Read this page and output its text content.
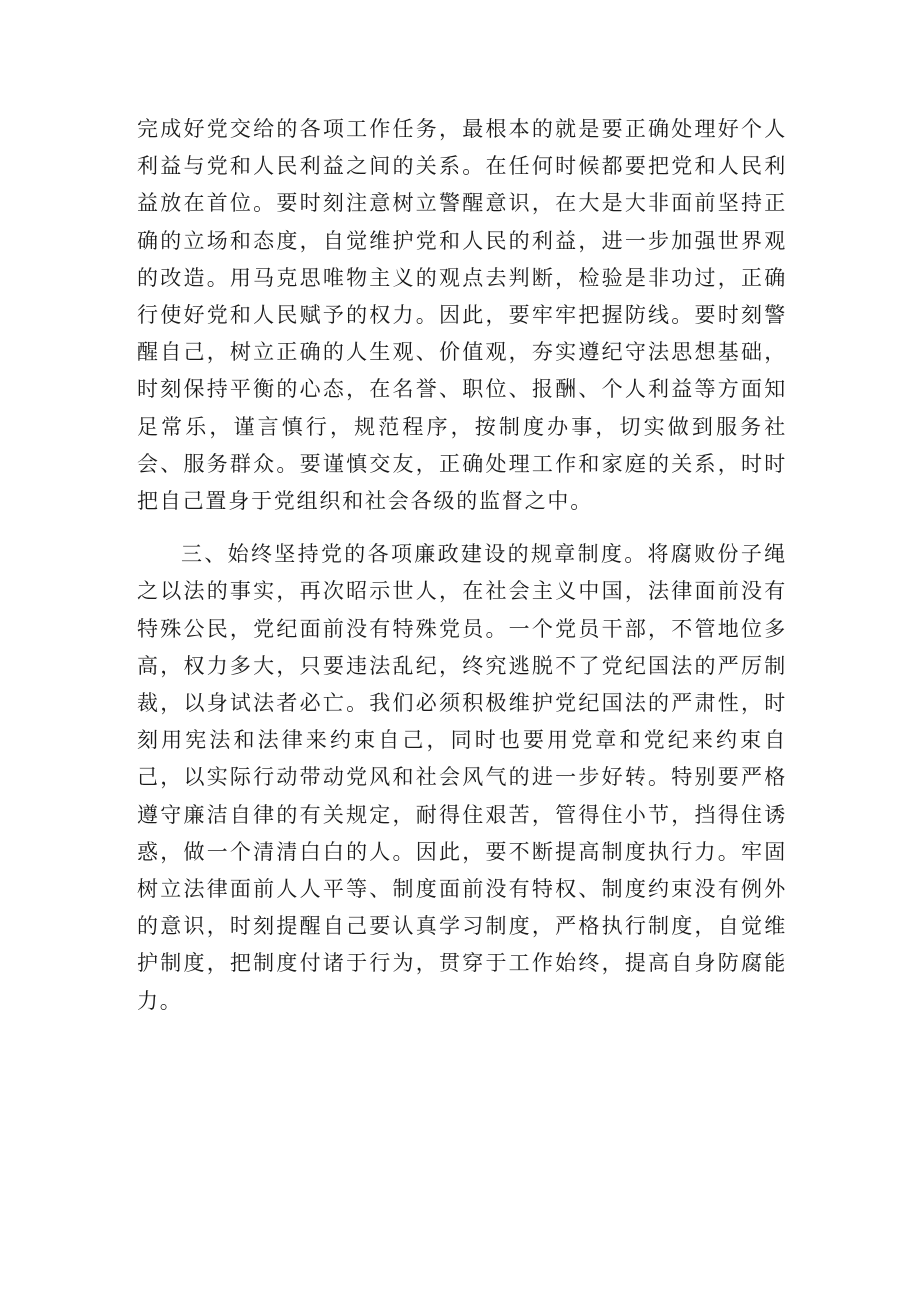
完成好党交给的各项工作任务，最根本的就是要正确处理好个人利益与党和人民利益之间的关系。在任何时候都要把党和人民利益放在首位。要时刻注意树立警醒意识，在大是大非面前坚持正确的立场和态度，自觉维护党和人民的利益，进一步加强世界观的改造。用马克思唯物主义的观点去判断，检验是非功过，正确行使好党和人民赋予的权力。因此，要牢牢把握防线。要时刻警醒自己，树立正确的人生观、价值观，夯实遵纪守法思想基础，时刻保持平衡的心态，在名誉、职位、报酬、个人利益等方面知足常乐，谨言慎行，规范程序，按制度办事，切实做到服务社会、服务群众。要谨慎交友，正确处理工作和家庭的关系，时时把自己置身于党组织和社会各级的监督之中。

三、始终坚持党的各项廉政建设的规章制度。将腐败份子绳之以法的事实，再次昭示世人，在社会主义中国，法律面前没有特殊公民，党纪面前没有特殊党员。一个党员干部，不管地位多高，权力多大，只要违法乱纪，终究逃脱不了党纪国法的严厉制裁，以身试法者必亡。我们必须积极维护党纪国法的严肃性，时刻用宪法和法律来约束自己，同时也要用党章和党纪来约束自己，以实际行动带动党风和社会风气的进一步好转。特别要严格遵守廉洁自律的有关规定，耐得住艰苦，管得住小节，挡得住诱惑，做一个清清白白的人。因此，要不断提高制度执行力。牢固树立法律面前人人平等、制度面前没有特权、制度约束没有例外的意识，时刻提醒自己要认真学习制度，严格执行制度，自觉维护制度，把制度付诸于行为，贯穿于工作始终，提高自身防腐能力。
